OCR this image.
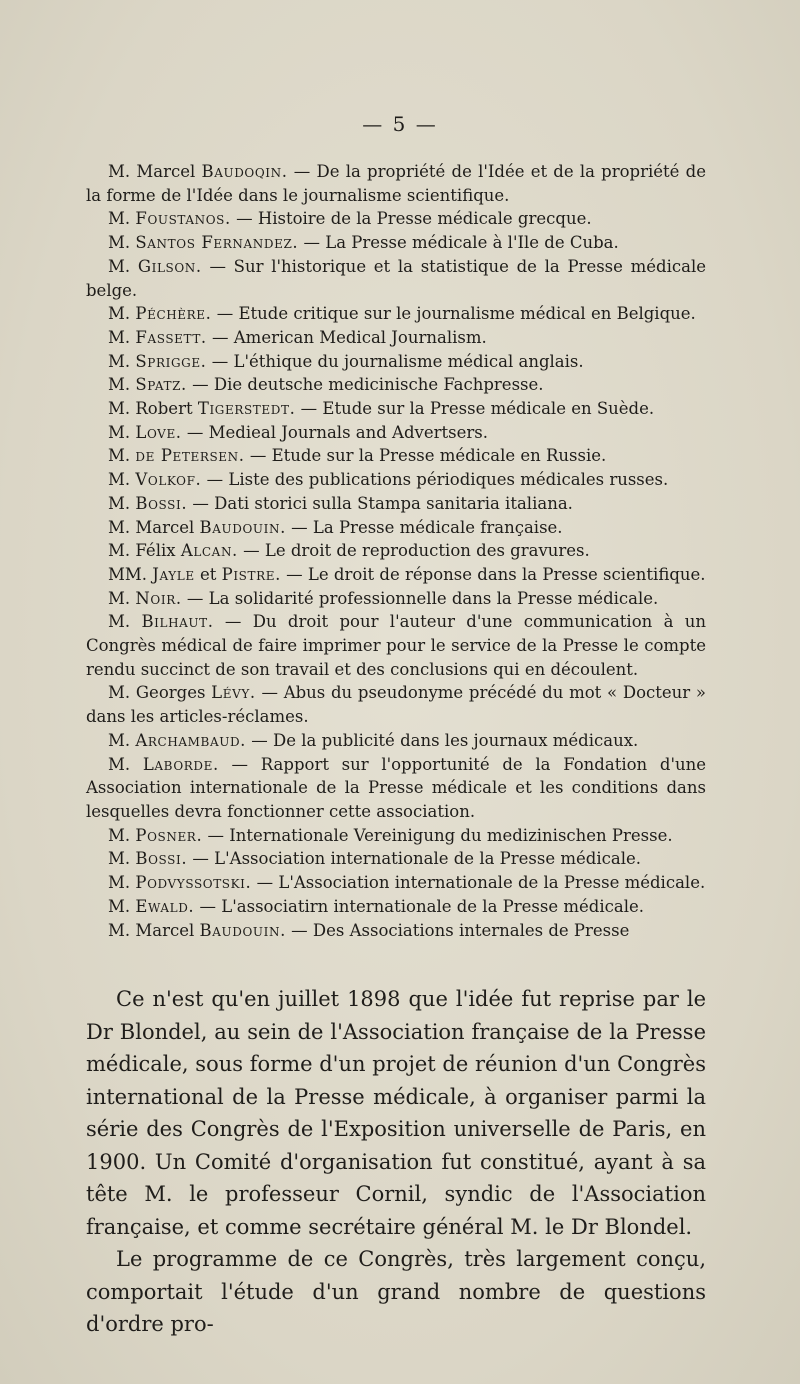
— 5 —

M. Marcel Baudoqin. — De la propriété de l'Idée et de la propriété de la forme de l'Idée dans le journalisme scientifique.

M. Foustanos. — Histoire de la Presse médicale grecque.

M. Santos Fernandez. — La Presse médicale à l'Ile de Cuba.

M. Gilson. — Sur l'historique et la statistique de la Presse médicale belge.

M. Péchère. — Etude critique sur le journalisme médical en Belgique.

M. Fassett. — American Medical Journalism.

M. Sprigge. — L'éthique du journalisme médical anglais.

M. Spatz. — Die deutsche medicinische Fachpresse.

M. Robert Tigerstedt. — Etude sur la Presse médicale en Suède.

M. Love. — Medieal Journals and Advertsers.

M. de Petersen. — Etude sur la Presse médicale en Russie.

M. Volkof. — Liste des publications périodiques médicales russes.

M. Bossi. — Dati storici sulla Stampa sanitaria italiana.

M. Marcel Baudouin. — La Presse médicale française.

M. Félix Alcan. — Le droit de reproduction des gravures.

MM. Jayle et Pistre. — Le droit de réponse dans la Presse scientifique.

M. Noir. — La solidarité professionnelle dans la Presse médicale.

M. Bilhaut. — Du droit pour l'auteur d'une communication à un Congrès médical de faire imprimer pour le service de la Presse le compte rendu succinct de son travail et des conclusions qui en découlent.

M. Georges Lévy. — Abus du pseudonyme précédé du mot « Docteur » dans les articles-réclames.

M. Archambaud. — De la publicité dans les journaux médicaux.

M. Laborde. — Rapport sur l'opportunité de la Fondation d'une Association internationale de la Presse médicale et les conditions dans lesquelles devra fonctionner cette association.

M. Posner. — Internationale Vereinigung du medizinischen Presse.

M. Bossi. — L'Association internationale de la Presse médicale.

M. Podvyssotski. — L'Association internationale de la Presse médicale.

M. Ewald. — L'associatirn internationale de la Presse médicale.

M. Marcel Baudouin. — Des Associations internales de Presse

Ce n'est qu'en juillet 1898 que l'idée fut reprise par le Dr Blondel, au sein de l'Association française de la Presse médicale, sous forme d'un projet de réunion d'un Congrès international de la Presse médicale, à organiser parmi la série des Congrès de l'Exposition universelle de Paris, en 1900. Un Comité d'organisation fut constitué, ayant à sa tête M. le professeur Cornil, syndic de l'Association française, et comme secrétaire général M. le Dr Blondel.

Le programme de ce Congrès, très largement conçu, comportait l'étude d'un grand nombre de questions d'ordre pro-
